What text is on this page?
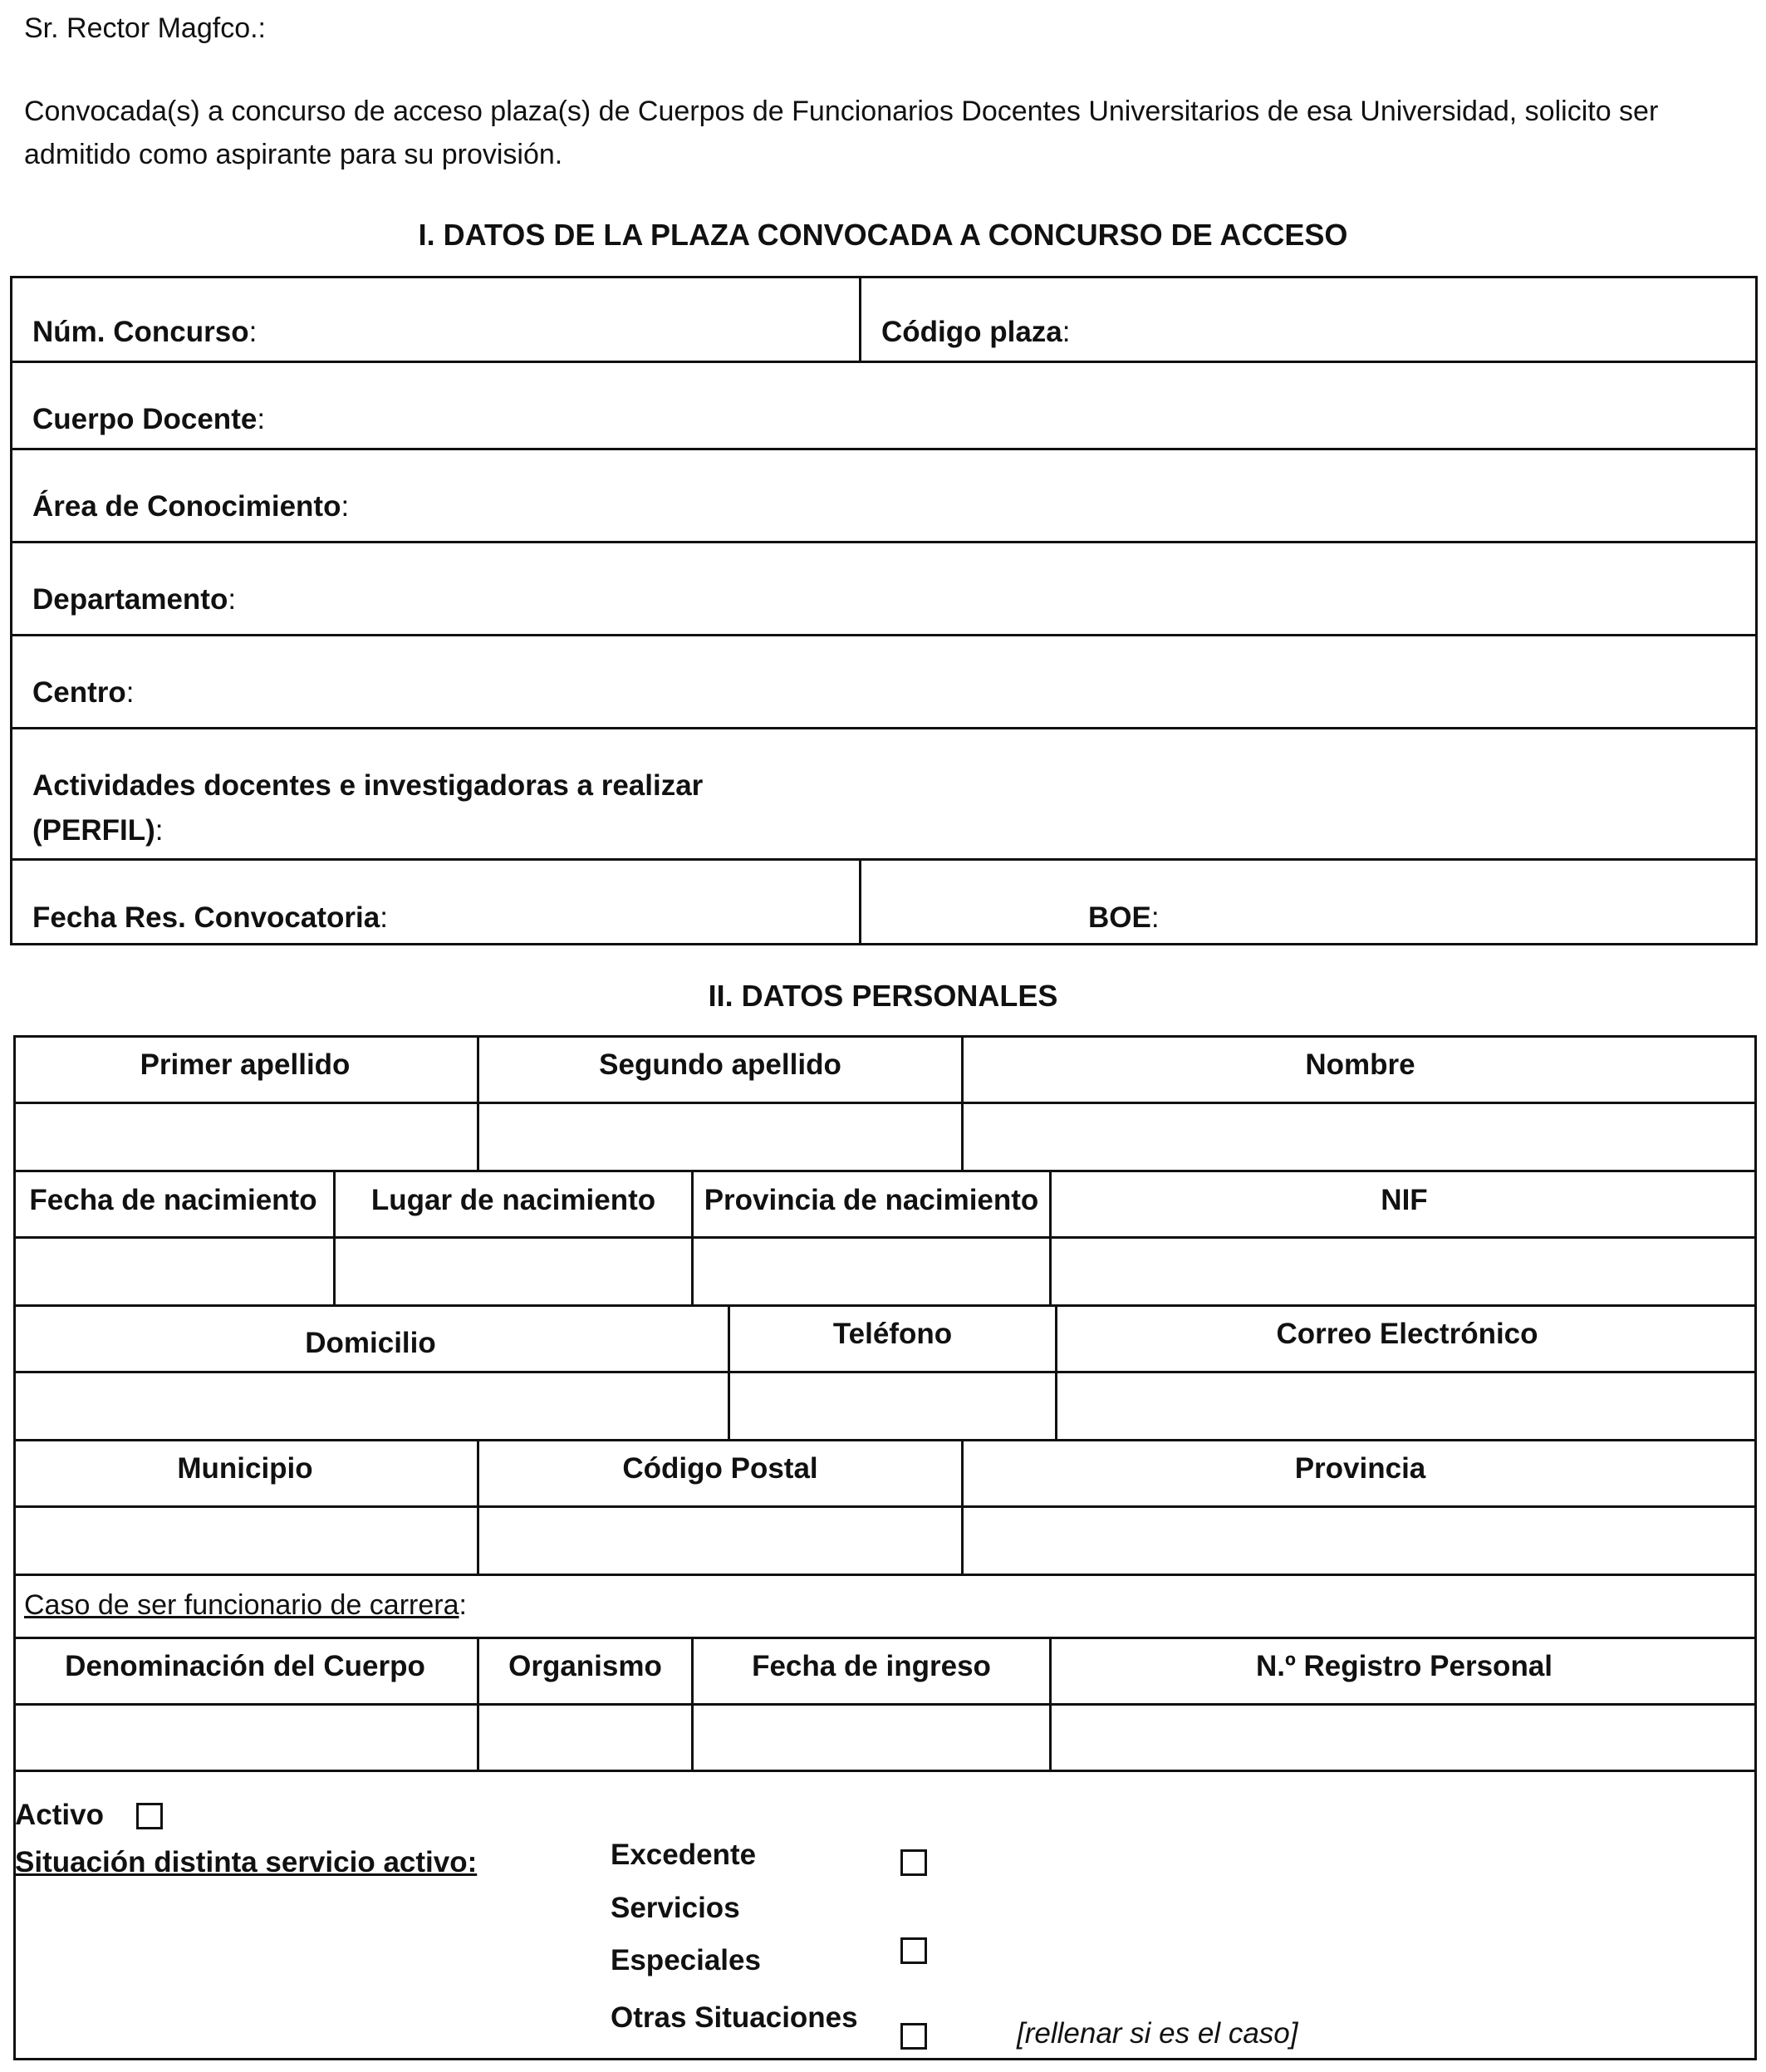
Sr. Rector Magfco.:
Convocada(s) a concurso de acceso plaza(s) de Cuerpos de Funcionarios Docentes Universitarios de esa Universidad, solicito ser
admitido como aspirante para su provisión.
I. DATOS DE LA PLAZA CONVOCADA A CONCURSO DE ACCESO
Núm. Concurso:	Código plaza:
Cuerpo Docente:
Área de Conocimiento:
Departamento:
Centro:
Actividades docentes e investigadoras a realizar
(PERFIL):
Fecha Res. Convocatoria:	BOE:
II. DATOS PERSONALES
Primer apellido	Segundo apellido	Nombre
Fecha de nacimiento	Lugar de nacimiento	Provincia de nacimiento	NIF
Domicilio	Teléfono	Correo Electrónico
Municipio	Código Postal	Provincia
Caso de ser funcionario de carrera:
Denominación del Cuerpo	Organismo	Fecha de ingreso	N.º Registro Personal
Activo
Situación distinta servicio activo:	Excedente
Servicios
Especiales
Otras Situaciones	[rellenar si es el caso]
